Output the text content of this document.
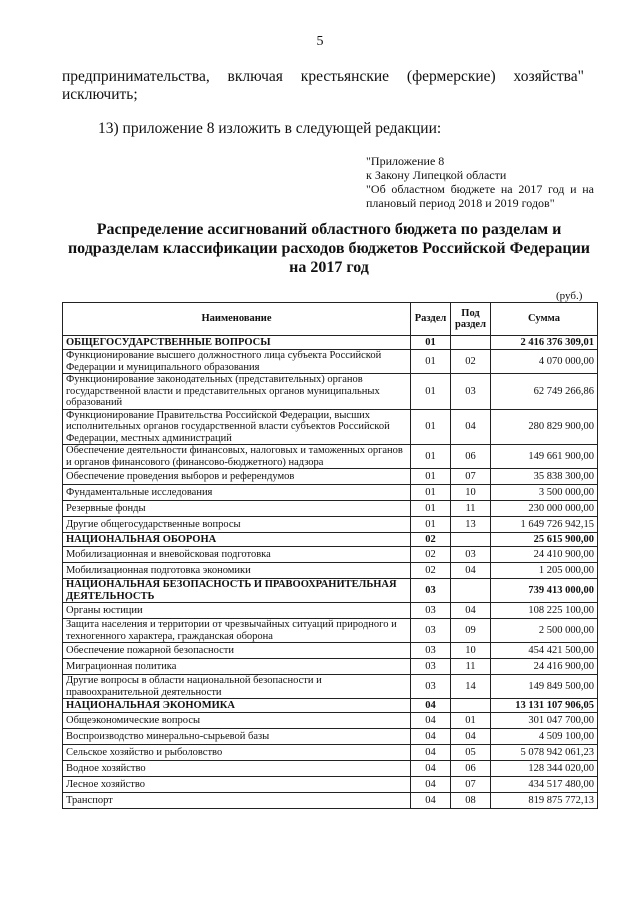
5
предпринимательства, включая крестьянские (фермерские) хозяйства"
исключить;
13) приложение 8 изложить в следующей редакции:
"Приложение 8
к Закону Липецкой области
"Об областном бюджете на 2017 год и на
плановый период 2018 и 2019 годов"
Распределение ассигнований областного бюджета по разделам и
подразделам классификации расходов бюджетов Российской Федерации
на 2017 год
(руб.)
Наименование	Раздел	Под раздел	Сумма
ОБЩЕГОСУДАРСТВЕННЫЕ ВОПРОСЫ	01		2 416 376 309,01
Функционирование высшего должностного лица субъекта Российской Федерации и муниципального образования	01	02	4 070 000,00
Функционирование законодательных (представительных) органов государственной власти и представительных органов муниципальных образований	01	03	62 749 266,86
Функционирование Правительства Российской Федерации, высших исполнительных органов государственной власти субъектов Российской Федерации, местных администраций	01	04	280 829 900,00
Обеспечение деятельности финансовых, налоговых и таможенных органов и органов финансового (финансово-бюджетного) надзора	01	06	149 661 900,00
Обеспечение проведения выборов и референдумов	01	07	35 838 300,00
Фундаментальные исследования	01	10	3 500 000,00
Резервные фонды	01	11	230 000 000,00
Другие общегосударственные вопросы	01	13	1 649 726 942,15
НАЦИОНАЛЬНАЯ ОБОРОНА	02		25 615 900,00
Мобилизационная и вневойсковая подготовка	02	03	24 410 900,00
Мобилизационная подготовка экономики	02	04	1 205 000,00
НАЦИОНАЛЬНАЯ БЕЗОПАСНОСТЬ И ПРАВООХРАНИТЕЛЬНАЯ ДЕЯТЕЛЬНОСТЬ	03		739 413 000,00
Органы юстиции	03	04	108 225 100,00
Защита населения и территории от чрезвычайных ситуаций природного и техногенного характера, гражданская оборона	03	09	2 500 000,00
Обеспечение пожарной безопасности	03	10	454 421 500,00
Миграционная политика	03	11	24 416 900,00
Другие вопросы в области национальной безопасности и правоохранительной деятельности	03	14	149 849 500,00
НАЦИОНАЛЬНАЯ ЭКОНОМИКА	04		13 131 107 906,05
Общеэкономические вопросы	04	01	301 047 700,00
Воспроизводство минерально-сырьевой базы	04	04	4 509 100,00
Сельское хозяйство и рыболовство	04	05	5 078 942 061,23
Водное хозяйство	04	06	128 344 020,00
Лесное хозяйство	04	07	434 517 480,00
Транспорт	04	08	819 875 772,13
